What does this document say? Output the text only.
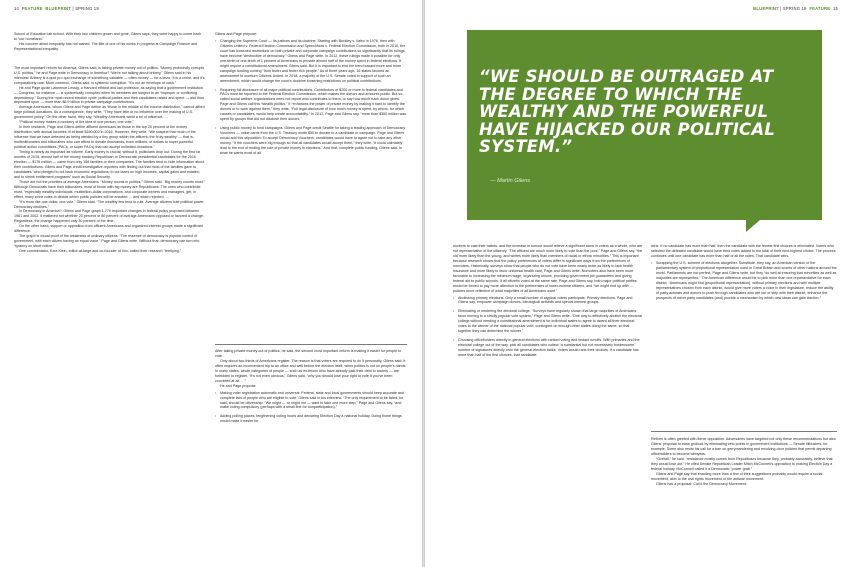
14 FEATURE BLUEPRINT | SPRING 19

School of Education lab school. With their two children grown and gone, Gilens says, they were happy to come back to “our homeland.”

His concern about inequality has not waned. The title of one of his works in progress is Campaign Finance and Representational Inequality.

The most important reform for America, Gilens said, is taking private money out of politics. “Money profoundly corrupts U.S. politics,” he and Page write in Democracy in America? “We’re not talking about bribery,” Gilens said in his interview. Bribery is a quid pro quo exchange of something valuable — often money — for a favor. It is a crime, and it’s comparatively rare. More common, Gilens said, is systemic corruption. “It’s not an envelope of cash.”

He and Page quote Lawrence Lessig, a Harvard ethicist and law professor, as saying that a government institution — Congress, for instance — is systemically corrupted when its members are subject to an “improper or conflicting dependency.” During the most recent election cycle, political parties and their candidates raised and spent — and thus depended upon — more than $6.9 billion in private campaign contributions.

Average Americans, whom Gilens and Page define as “those in the middle of the income distribution,” cannot afford large political donations. As a consequence, they write, “They have little or no influence over the making of U.S. government policy.” On the other hand, they say, “Wealthy Americans wield a lot of influence. …

“Political money makes a mockery of the idea of one person, one vote.”

In their research, Page and Gilens define affluent Americans as those in the top 20 percent of the money distribution, with annual incomes of at least $160,000 in 2016. However, they write, “We suspect that much of the influence that we have detected as being wielded by a tiny group within the affluent: the ‘truly wealthy’ — that is, multimillionaires and billionaires who can afford to donate thousands, even millions, of dollars to super powerful political action committees (PACs, or super PACs) that can accept unlimited donations.”

Timing is nearly as important as volume. Early money is crucial; without it, politicians drop out. During the first six months of 2015, almost half of the money backing Republican or Democratic presidential candidates for the 2016 election — $176 million — came from only 158 families or their companies. The families tend to hide information about their contributions. Gilens and Page credit investigative reporters with finding out that most of the families gave to candidates “who pledged to cut back economic regulations; to cut taxes on high incomes, capital gains and estates; and to shrink entitlement programs” such as Social Security.

Those are not the priorities of average Americans. “Money counts in politics,” Gilens said. “Big money counts most.” Although Democrats have their billionaires, most of those with big money are Republicans. The ones who contribute most, “especially wealthy individuals, multibillion-dollar corporations, and corporate owners and managers, get, in effect, many extra votes to decide which public policies will be enacted … and which rejected. …

“It’s more like one dollar, one vote,” Gilens said. “The wealthy few tend to rule. Average citizens lose political power. Democracy declines.”

In Democracy in America?, Gilens and Page graph 1,779 important changes in federal policy proposed between 1981 and 2002. It mattered not whether 20 percent or 80 percent of average Americans opposed or favored a change. Regardless, the change happened only 30 percent of the time.

On the other hand, support or opposition from affluent Americans and organized interest groups made a significant difference.

The graph is visual proof of the weakness of ordinary citizens. “The essence of democracy is popular control of government, with each citizen having an equal voice,” Page and Gilens write. Without that, democracy can turn into “tyranny on short notice.”

One commentator, Ezra Klein, editor-at-large and co-founder of Vox, called their research “terrifying.”

Gilens and Page propose:

• Changing the Supreme Court — its justices and its doctrine. Starting with Buckley v. Valeo in 1976, then with Citizens United v. Federal Election Commission and SpeechNow v. Federal Election Commission, both in 2010, the court has loosened restrictions on both private and corporate campaign contributions so significantly that its rulings have become “destructive of democracy,” Gilens and Page write. In 2012, these rulings made it possible for only one-tenth of one-tenth of 1 percent of Americans to provide almost half of the money spent in federal elections. It might require a constitutional amendment, Gilens said. But it is important to end the trend toward more and more campaign funding coming “from fewer and fewer rich people.” As of three years ago, 16 states favored an amendment to overturn Citizens United. In 2018, a majority of the U.S. Senate voted in support of such an amendment, which would change the court’s doctrine loosening restrictions on political contributions.
• Requiring full disclosure of all major political contributions. Contributors of $200 or more to federal candidates and PACs must be reported to the Federal Election Commission, which makes the donors and amounts public. But so-called social welfare organizations need not report who contributes to them, or say how much each donor gives. Page and Gilens call this “stealth politics.” It “enhances the power of private money by making it hard to identify the donors or to work against them,” they write. “Full legal disclosure of how much money is spent, by whom, for which causes or candidates, would help create accountability.” In 2012, Page and Gilens say, “more than $300 million was spent by groups that did not disclose their donors.”
• Using public money to fund campaigns. Gilens and Page credit Seattle for taking a leading approach of Democracy Vouchers — value cards from the U.S. Treasury worth $50 to donate to a candidate or campaign. Page and Gilens would add this stipulation: To accept Democracy Vouchers, candidates would have to agree not to take any other money. “If the vouchers were big enough so that all candidates would accept them,” they write, “it could ultimately lead to the end of ending the role of private money in elections.” And that, complete public funding, Gilens said, is what he wants most of all.

After taking private money out of politics, he said, the second most important reform is making it easier for people to vote.

Only about two-thirds of Americans register. The reason is that voters are required to do it personally, Gilens said. It often requires an inconvenient trip to an office and well before the election itself, when politics is not on people’s minds. In many states, whole categories of people — such as ex-felons who have already paid their debt to society — are forbidden to register. “It’s not even obvious,” Gilens said, “why you should lose your right to vote if you’ve been convicted at all. …”

He and Page propose:

• Making voter registration automatic and universal. Federal, state and local governments should keep accurate and complete lists of people who are eligible to vote, Gilens said in his interview. “The only requirement to be listed, he said, should be citizenship. “We might — or might not — want to take one more step,” Page and Gilens say, “and make voting compulsory (perhaps with a small fine for nonparticipation).”
• Adding polling places, lengthening voting hours and declaring Election Day a national holiday. Doing those things would make it easier for
BLUEPRINT | SPRING 19 FEATURE 15
“WE SHOULD BE OUTRAGED AT THE DEGREE TO WHICH THE WEALTHY AND THE POWERFUL HAVE HIJACKED OUR POLITICAL SYSTEM.”
— Martin Gilens

workers to cast their ballots, and the increase in turnout would relieve a significant skew in voters as a whole, who are not representative of the citizenry. “The affluent are much more likely to vote than the poor,” Page and Gilens say, “the old more likely than the young, and whites more likely than members of racial or ethnic minorities.” This is important because research shows that the policy preferences of voters differ in significant ways from the preferences of nonvoters. Historically, surveys show that people who do not vote have been nearly twice as likely to lack health insurance and more likely to favor universal health care, Page and Gilens write. Nonvoters also have been more favorable to increasing the minimum wage, organizing unions, providing government job guarantees and giving federal aid to public schools. If all citizens voted at the same rate, Page and Gilens say, both major political parties would be forced to pay more attention to the preferences of lower-income citizens, and “we might end up with … policies more reflective of what majorities of all Americans want.”

• Abolishing primary elections. Only a small number of atypical voters participate. Primary elections, Page and Gilens say, empower campaign donors, ideological activists and special interest groups.
• Eliminating or neutering the electoral college. “Surveys have regularly shown that large majorities of Americans favor moving to a strictly popular vote system,” Page and Gilens write. “One way to effectively abolish the electoral college without needing a constitutional amendment is for individual states to agree to award all their electoral votes to the winner of the national popular vote, contingent on enough other states doing the same, so that together they can determine the winner.”
• Choosing officeholders directly in general elections with ranked voting and instant runoffs. With primaries and the electoral college out of the way, pick all candidates who collect “a substantial but not excessively burdensome” number of signatures directly onto the general-election ballot. Voters would rank their choices. If a candidate has more than half of the first choices, that candidate

wins. If no candidate has more than half, then the candidate with the fewest first choices is eliminated. Voters who selected the defeated candidate would have their votes added to the total of their next-highest choice. The process continues until one candidate has more than half of all the votes. That candidate wins.

• Scrapping the U.S. scheme of elections altogether. Substitute, they say, an American version of the parliamentary system of proportional representation used in Great Britain and scores of other nations around the world. Parliaments are not perfect, Page and Gilens write, but they “do well at ensuring that minorities as well as majorities are represented.” The American difference would be to pick more than one representative for each district. “Americans might find [proportional representation], without primary elections and with multiple representatives chosen from each district, would give more voters a voice in their legislature, reduce the ability of party activists and donors to push through candidates who are out of step with their district, enhance the prospects of minor party candidates [and] provide a mechanism by which new ideas can gain traction.”

Reform is often greeted with fierce opposition. Adversaries have targeted not only these recommendations but also Gilens’ proposal to ease gridlock by eliminating veto points in government institutions — Senate filibusters, for example. Some also resist his call for a ban on gerrymandering and revolving-door policies that permit departing officeholders to become lobbyists.

“Overall,” he said, “resistance mostly comes from Republicans because they, probably accurately, believe that they would lose out.” He cited Senate Republican Leader Mitch McConnell’s opposition to making Election Day a federal holiday. McConnell called it a Democratic “power grab.”

Gilens and Page say that enacting more than a few of their suggestions probably would require a social movement, akin to the civil rights movement or the antiwar movement.

Gilens has a proposal: Call it the Democracy Movement.
